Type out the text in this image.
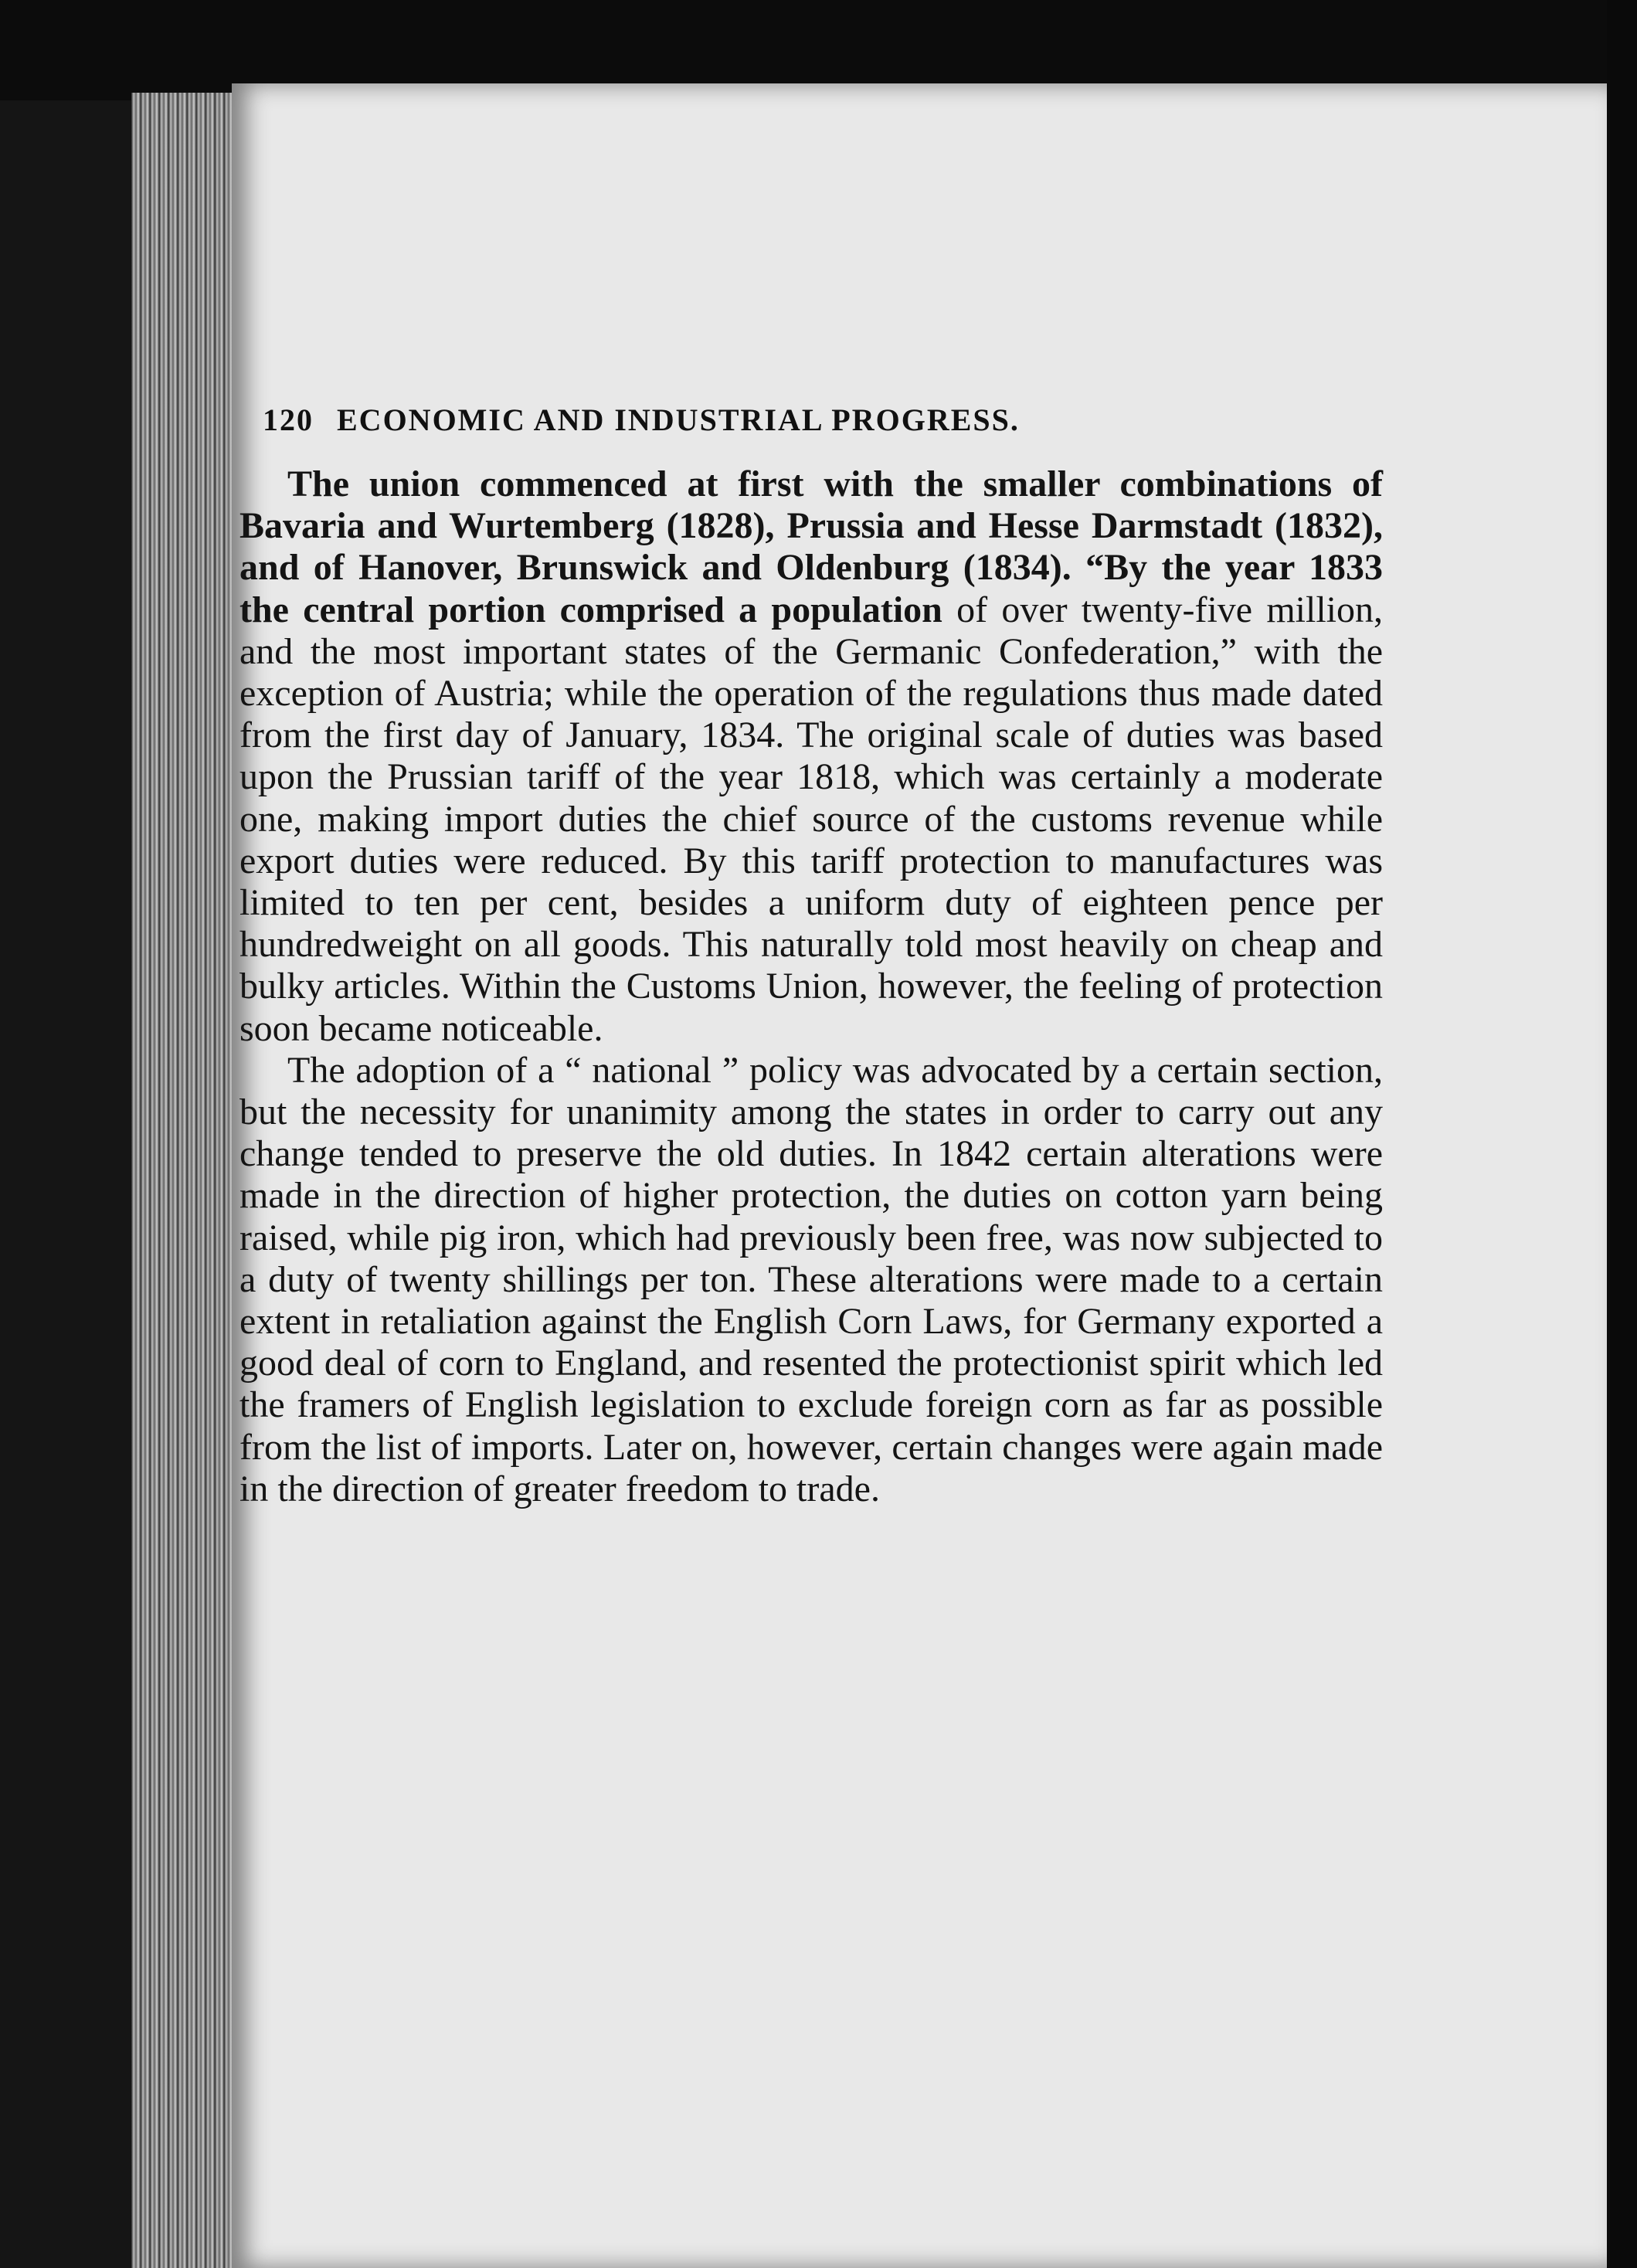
120 ECONOMIC AND INDUSTRIAL PROGRESS.

The union commenced at first with the smaller combinations of Bavaria and Wurtemberg (1828), Prussia and Hesse Darmstadt (1832), and of Hanover, Brunswick and Oldenburg (1834). “By the year 1833 the central portion comprised a population of over twenty-five million, and the most important states of the Germanic Confederation,” with the exception of Austria; while the operation of the regulations thus made dated from the first day of January, 1834. The original scale of duties was based upon the Prussian tariff of the year 1818, which was certainly a moderate one, making import duties the chief source of the customs revenue while export duties were reduced. By this tariff protection to manufactures was limited to ten per cent, besides a uniform duty of eighteen pence per hundredweight on all goods. This naturally told most heavily on cheap and bulky articles. Within the Customs Union, however, the feeling of protection soon became noticeable.

The adoption of a “ national ” policy was advocated by a certain section, but the necessity for unanimity among the states in order to carry out any change tended to preserve the old duties. In 1842 certain alterations were made in the direction of higher protection, the duties on cotton yarn being raised, while pig iron, which had previously been free, was now subjected to a duty of twenty shillings per ton. These alterations were made to a certain extent in retaliation against the English Corn Laws, for Germany exported a good deal of corn to England, and resented the protectionist spirit which led the framers of English legislation to exclude foreign corn as far as possible from the list of imports. Later on, however, certain changes were again made in the direction of greater freedom to trade.
